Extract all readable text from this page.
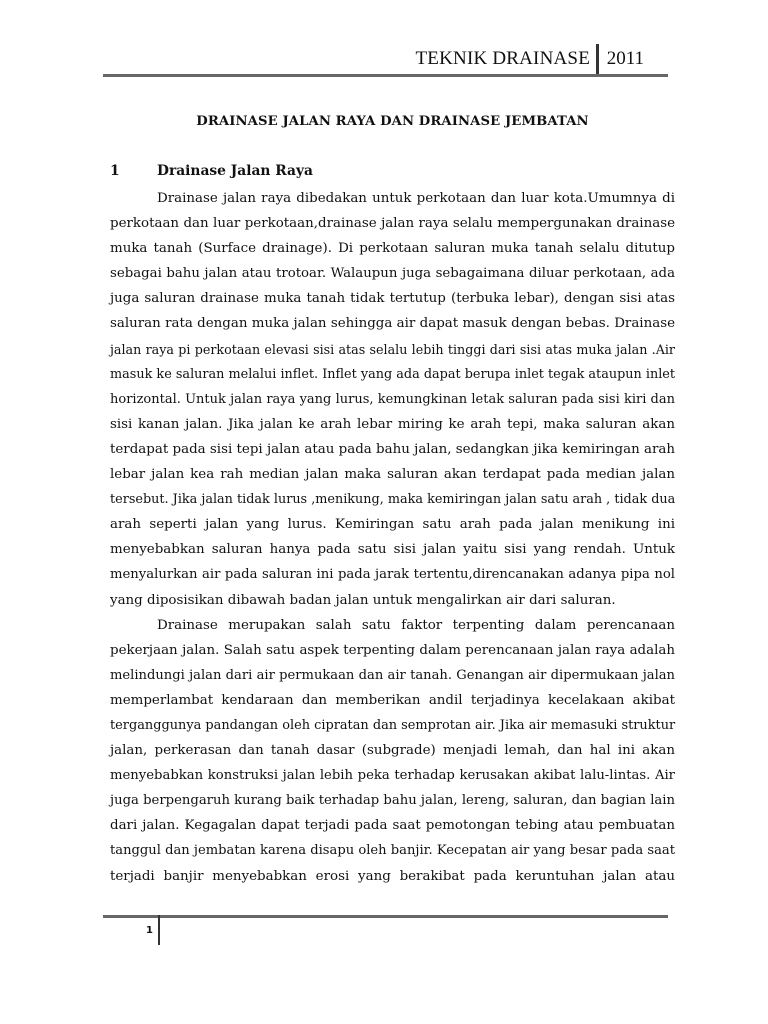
TEKNIK DRAINASE 2011
DRAINASE JALAN RAYA DAN DRAINASE JEMBATAN
1	Drainase Jalan Raya
Drainase jalan raya dibedakan untuk perkotaan dan luar kota.Umumnya di
perkotaan dan luar perkotaan,drainase jalan raya selalu mempergunakan drainase
muka tanah (Surface drainage). Di perkotaan saluran muka tanah selalu ditutup
sebagai bahu jalan atau trotoar. Walaupun juga sebagaimana diluar perkotaan, ada
juga saluran drainase muka tanah tidak tertutup (terbuka lebar), dengan sisi atas
saluran rata dengan muka jalan sehingga air dapat masuk dengan bebas. Drainase
jalan raya pi perkotaan elevasi sisi atas selalu lebih tinggi dari sisi atas muka jalan .Air
masuk ke saluran melalui inflet. Inflet yang ada dapat berupa inlet tegak ataupun inlet
horizontal. Untuk jalan raya yang lurus, kemungkinan letak saluran pada sisi kiri dan
sisi kanan jalan. Jika jalan ke arah lebar miring ke arah tepi, maka saluran akan
terdapat pada sisi tepi jalan atau pada bahu jalan, sedangkan jika kemiringan arah
lebar jalan kea rah median jalan maka saluran akan terdapat pada median jalan
tersebut. Jika jalan tidak lurus ,menikung, maka kemiringan jalan satu arah , tidak dua
arah seperti jalan yang lurus. Kemiringan satu arah pada jalan menikung ini
menyebabkan saluran hanya pada satu sisi jalan yaitu sisi yang rendah. Untuk
menyalurkan air pada saluran ini pada jarak tertentu,direncanakan adanya pipa nol
yang diposisikan dibawah badan jalan untuk mengalirkan air dari saluran.
Drainase merupakan salah satu faktor terpenting dalam perencanaan
pekerjaan jalan. Salah satu aspek terpenting dalam perencanaan jalan raya adalah
melindungi jalan dari air permukaan dan air tanah. Genangan air dipermukaan jalan
memperlambat kendaraan dan memberikan andil terjadinya kecelakaan akibat
terganggunya pandangan oleh cipratan dan semprotan air. Jika air memasuki struktur
jalan, perkerasan dan tanah dasar (subgrade) menjadi lemah, dan hal ini akan
menyebabkan konstruksi jalan lebih peka terhadap kerusakan akibat lalu-lintas. Air
juga berpengaruh kurang baik terhadap bahu jalan, lereng, saluran, dan bagian lain
dari jalan. Kegagalan dapat terjadi pada saat pemotongan tebing atau pembuatan
tanggul dan jembatan karena disapu oleh banjir. Kecepatan air yang besar pada saat
terjadi banjir menyebabkan erosi yang berakibat pada keruntuhan jalan atau
1
